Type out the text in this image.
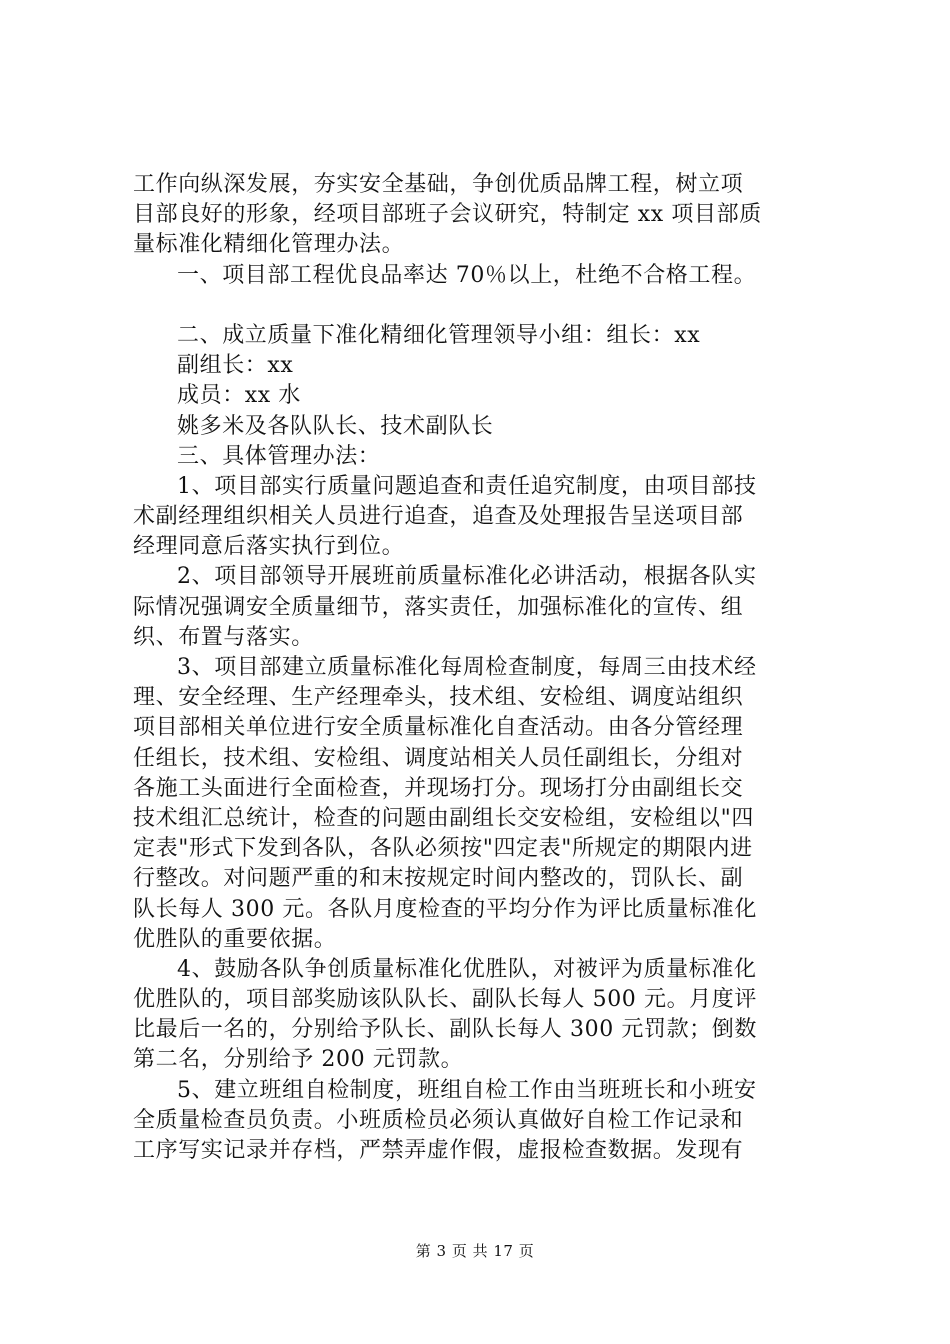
工作向纵深发展，夯实安全基础，争创优质品牌工程，树立项
目部良好的形象，经项目部班子会议研究，特制定 xx 项目部质
量标准化精细化管理办法。
一、项目部工程优良品率达 70％以上，杜绝不合格工程。
二、成立质量下准化精细化管理领导小组：组长：xx
副组长：xx
成员：xx 水
姚多米及各队队长、技术副队长
三、具体管理办法：
1、项目部实行质量问题追查和责任追究制度，由项目部技
术副经理组织相关人员进行追查，追查及处理报告呈送项目部
经理同意后落实执行到位。
2、项目部领导开展班前质量标准化必讲活动，根据各队实
际情况强调安全质量细节，落实责任，加强标准化的宣传、组
织、布置与落实。
3、项目部建立质量标准化每周检查制度，每周三由技术经
理、安全经理、生产经理牵头，技术组、安检组、调度站组织
项目部相关单位进行安全质量标准化自查活动。由各分管经理
任组长，技术组、安检组、调度站相关人员任副组长，分组对
各施工头面进行全面检查，并现场打分。现场打分由副组长交
技术组汇总统计，检查的问题由副组长交安检组，安检组以"四
定表"形式下发到各队，各队必须按"四定表"所规定的期限内进
行整改。对问题严重的和末按规定时间内整改的，罚队长、副
队长每人 300 元。各队月度检查的平均分作为评比质量标准化
优胜队的重要依据。
4、鼓励各队争创质量标准化优胜队，对被评为质量标准化
优胜队的，项目部奖励该队队长、副队长每人 500 元。月度评
比最后一名的，分别给予队长、副队长每人 300 元罚款；倒数
第二名，分别给予 200 元罚款。
5、建立班组自检制度，班组自检工作由当班班长和小班安
全质量检查员负责。小班质检员必须认真做好自检工作记录和
工序写实记录并存档，严禁弄虚作假，虚报检查数据。发现有
第 3 页 共 17 页
